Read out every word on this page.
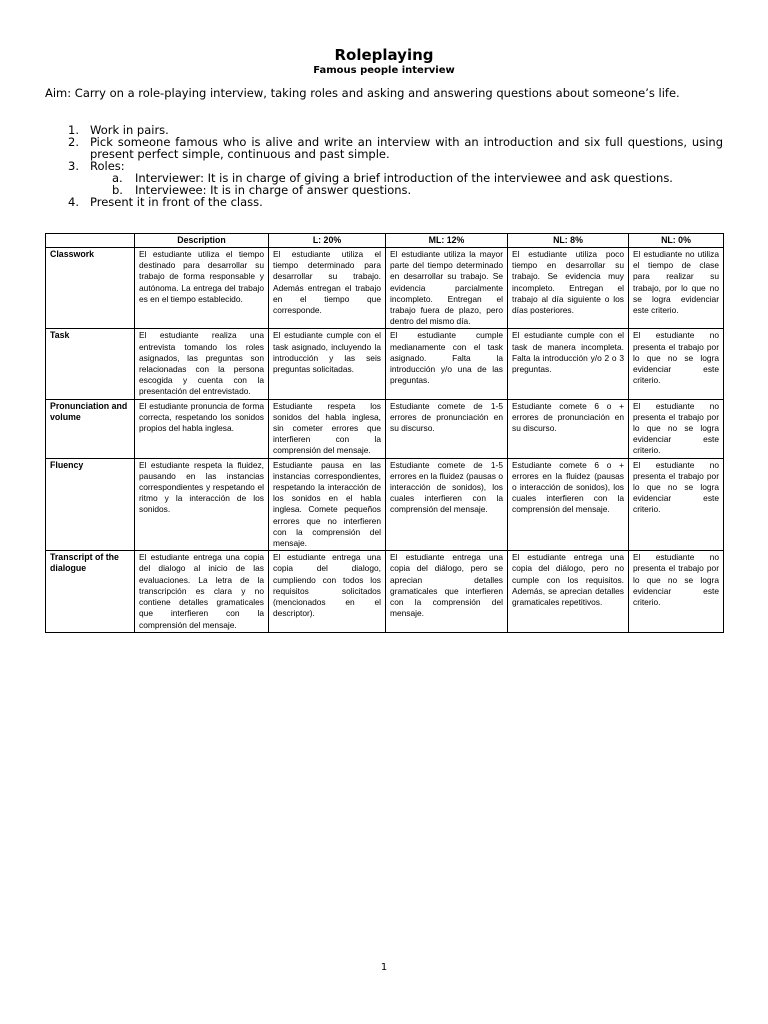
Roleplaying
Famous people interview

Aim: Carry on a role-playing interview, taking roles and asking and answering questions about someone’s life.

1. Work in pairs.
2. Pick someone famous who is alive and write an interview with an introduction and six full questions, using present perfect simple, continuous and past simple.
3. Roles:
a. Interviewer: It is in charge of giving a brief introduction of the interviewee and ask questions.
b. Interviewee: It is in charge of answer questions.
4. Present it in front of the class.
	Description	L: 20%	ML: 12%	NL: 8%	NL: 0%
Classwork	El estudiante utiliza el tiempo destinado para desarrollar su trabajo de forma responsable y autónoma. La entrega del trabajo es en el tiempo establecido.	El estudiante utiliza el tiempo determinado para desarrollar su trabajo. Además entregan el trabajo en el tiempo que corresponde.	El estudiante utiliza la mayor parte del tiempo determinado en desarrollar su trabajo. Se evidencia parcialmente incompleto. Entregan el trabajo fuera de plazo, pero dentro del mismo día.	El estudiante utiliza poco tiempo en desarrollar su trabajo. Se evidencia muy incompleto. Entregan el trabajo al día siguiente o los días posteriores.	El estudiante no utiliza el tiempo de clase para realizar su trabajo, por lo que no se logra evidenciar este criterio.
Task	El estudiante realiza una entrevista tomando los roles asignados, las preguntas son relacionadas con la persona escogida y cuenta con la presentación del entrevistado.	El estudiante cumple con el task asignado, incluyendo la introducción y las seis preguntas solicitadas.	El estudiante cumple medianamente con el task asignado. Falta la introducción y/o una de las preguntas.	El estudiante cumple con el task de manera incompleta. Falta la introducción y/o 2 o 3 preguntas.	El estudiante no presenta el trabajo por lo que no se logra evidenciar este criterio.
Pronunciation and volume	El estudiante pronuncia de forma correcta, respetando los sonidos propios del habla inglesa.	Estudiante respeta los sonidos del habla inglesa, sin cometer errores que interfieren con la comprensión del mensaje.	Estudiante comete de 1-5 errores de pronunciación en su discurso.	Estudiante comete 6 o + errores de pronunciación en su discurso.	El estudiante no presenta el trabajo por lo que no se logra evidenciar este criterio.
Fluency	El estudiante respeta la fluidez, pausando en las instancias correspondientes y respetando el ritmo y la interacción de los sonidos.	Estudiante pausa en las instancias correspondientes, respetando la interacción de los sonidos en el habla inglesa. Comete pequeños errores que no interfieren con la comprensión del mensaje.	Estudiante comete de 1-5 errores en la fluidez (pausas o interacción de sonidos), los cuales interfieren con la comprensión del mensaje.	Estudiante comete 6 o + errores en la fluidez (pausas o interacción de sonidos), los cuales interfieren con la comprensión del mensaje.	El estudiante no presenta el trabajo por lo que no se logra evidenciar este criterio.
Transcript of the dialogue	El estudiante entrega una copia del dialogo al inicio de las evaluaciones. La letra de la transcripción es clara y no contiene detalles gramaticales que interfieren con la comprensión del mensaje.	El estudiante entrega una copia del dialogo, cumpliendo con todos los requisitos solicitados (mencionados en el descriptor).	El estudiante entrega una copia del diálogo, pero se aprecian detalles gramaticales que interfieren con la comprensión del mensaje.	El estudiante entrega una copia del diálogo, pero no cumple con los requisitos. Además, se aprecian detalles gramaticales repetitivos.	El estudiante no presenta el trabajo por lo que no se logra evidenciar este criterio.
1
